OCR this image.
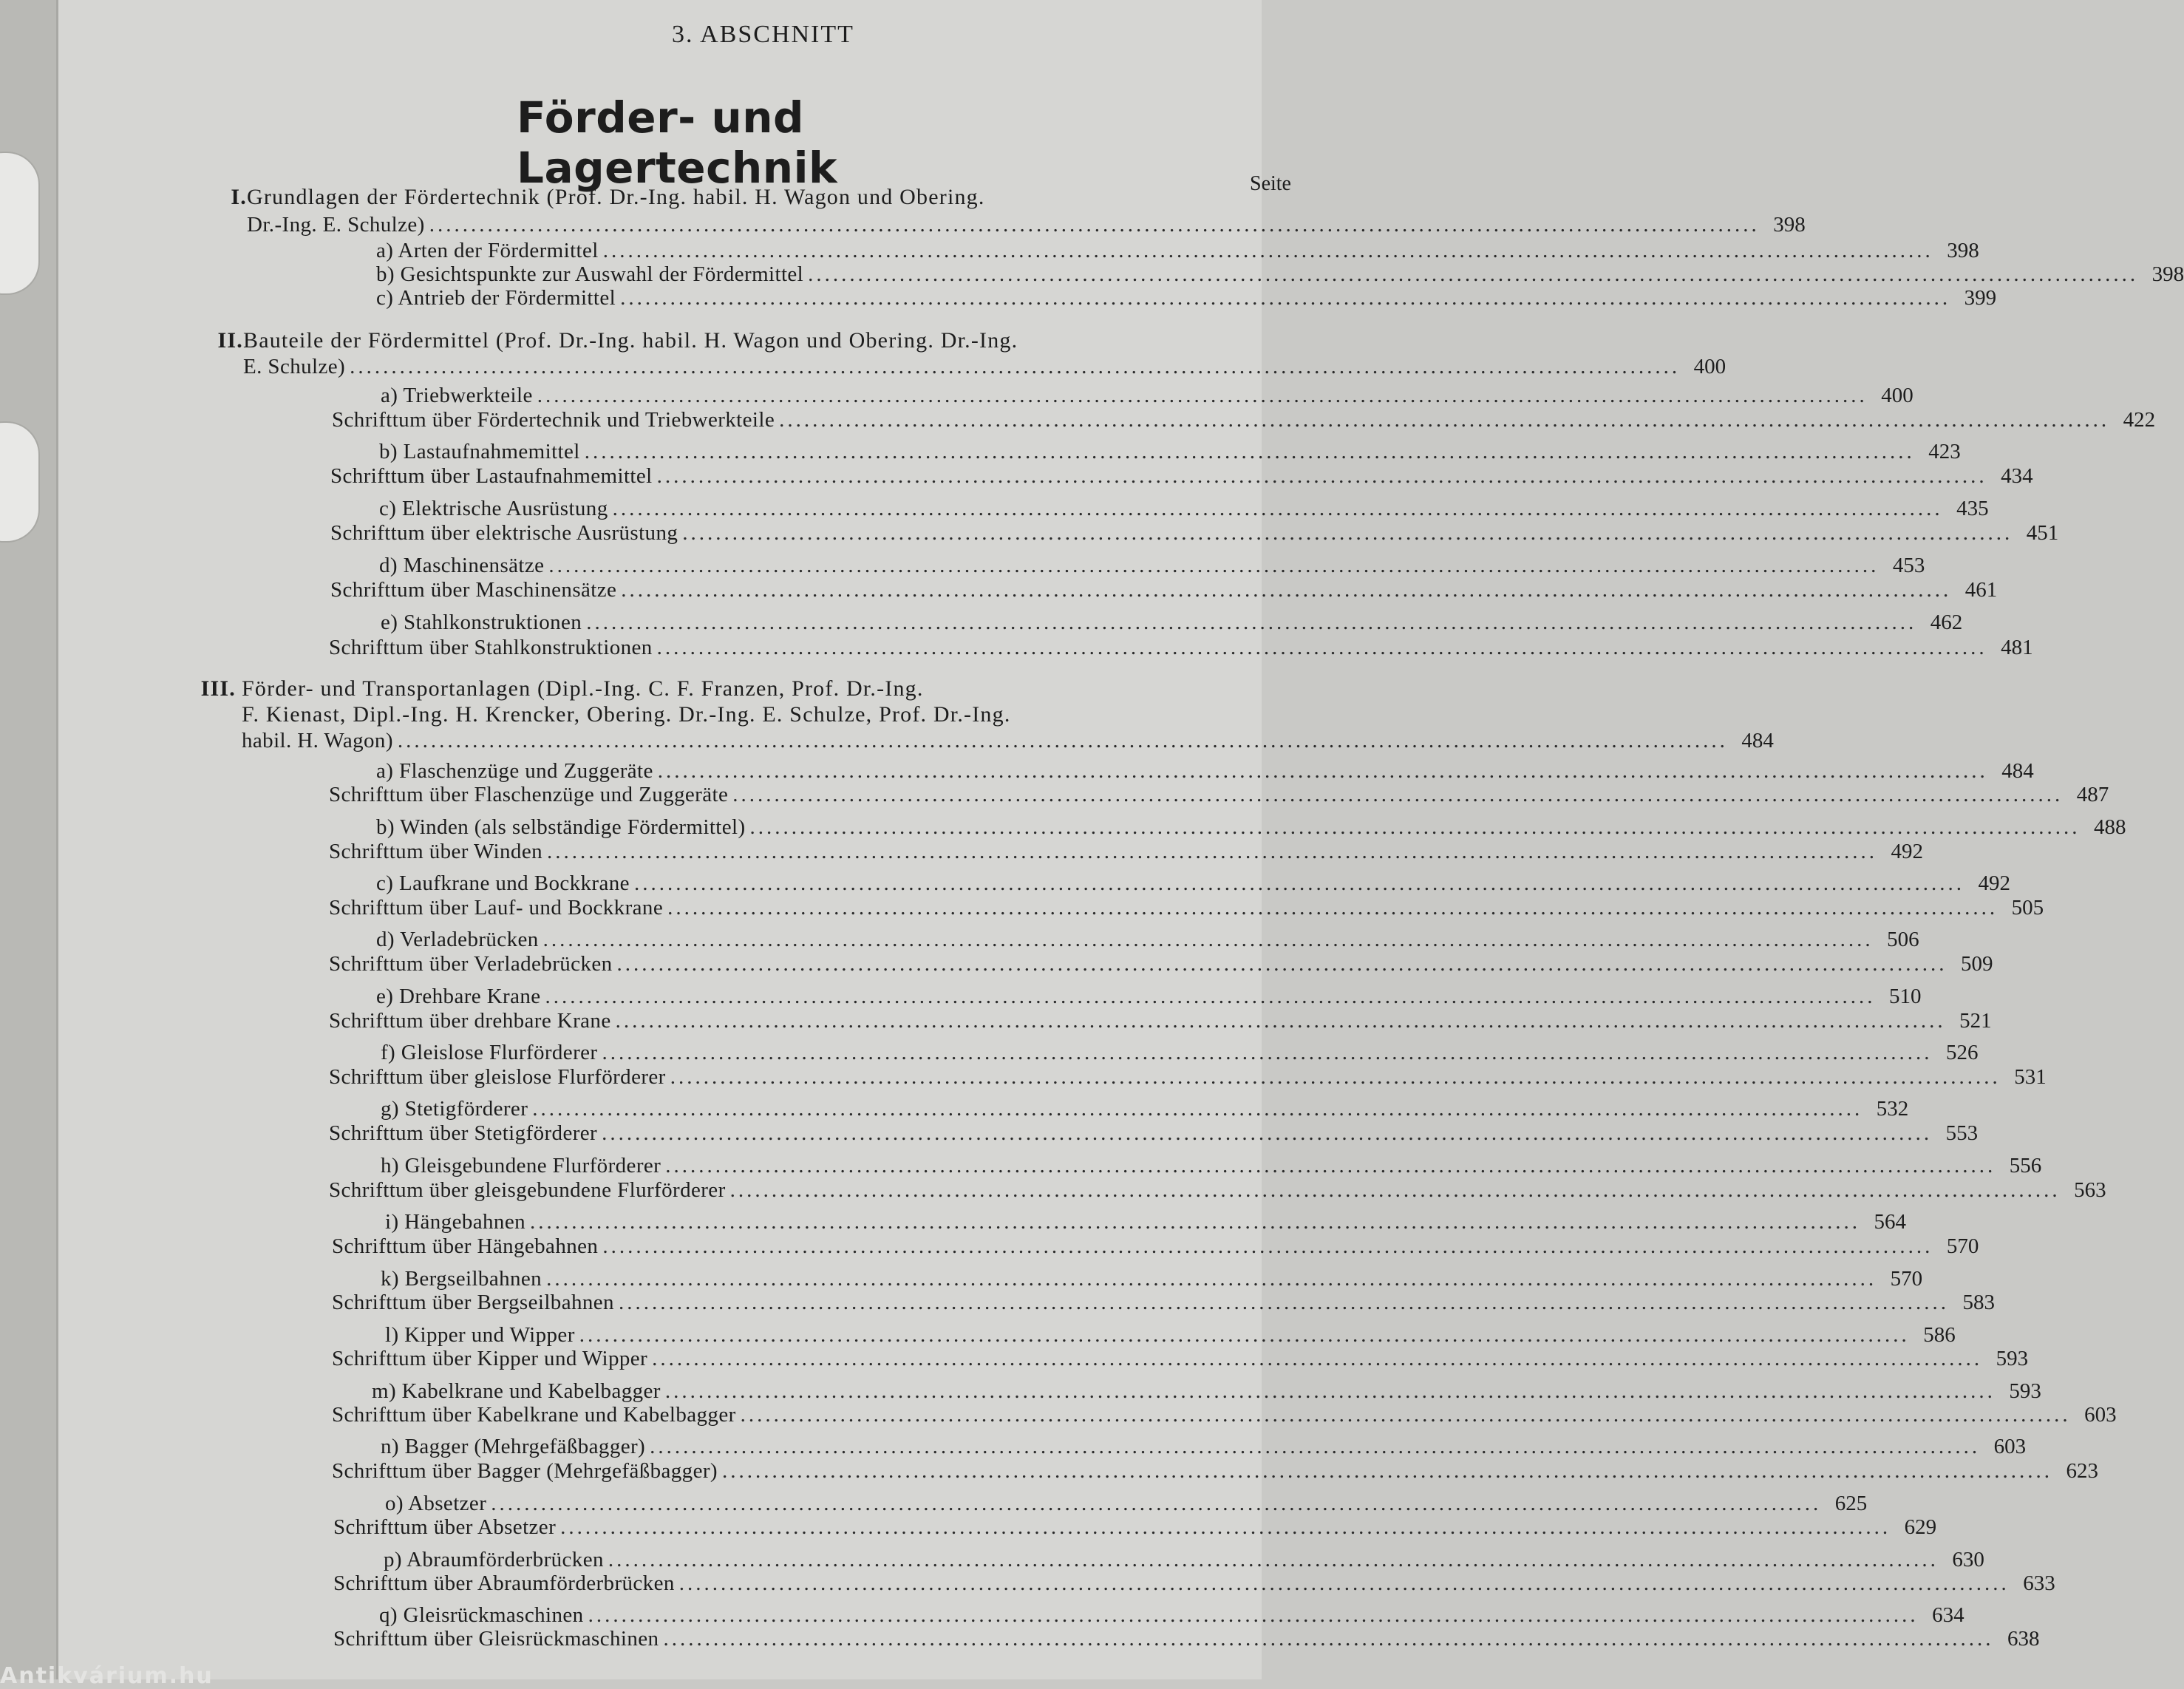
3. ABSCHNITT
Förder- und Lagertechnik	Seite
I. Grundlagen der Fördertechnik (Prof. Dr.-Ing. habil. H. Wagon und Obering.
Dr.-Ing. E. Schulze) ................................................................................................................................................................ 398
a) Arten der Fördermittel ................................................................................................................................................................ 398
b) Gesichtspunkte zur Auswahl der Fördermittel ................................................................................................................................................................ 398
c) Antrieb der Fördermittel ................................................................................................................................................................ 399
II. Bauteile der Fördermittel (Prof. Dr.-Ing. habil. H. Wagon und Obering. Dr.-Ing.
E. Schulze) ................................................................................................................................................................ 400
a) Triebwerkteile ................................................................................................................................................................ 400
Schrifttum über Fördertechnik und Triebwerkteile ................................................................................................................................................................ 422
b) Lastaufnahmemittel ................................................................................................................................................................ 423
Schrifttum über Lastaufnahmemittel ................................................................................................................................................................ 434
c) Elektrische Ausrüstung ................................................................................................................................................................ 435
Schrifttum über elektrische Ausrüstung ................................................................................................................................................................ 451
d) Maschinensätze ................................................................................................................................................................ 453
Schrifttum über Maschinensätze ................................................................................................................................................................ 461
e) Stahlkonstruktionen ................................................................................................................................................................ 462
Schrifttum über Stahlkonstruktionen ................................................................................................................................................................ 481
III. Förder- und Transportanlagen (Dipl.-Ing. C. F. Franzen, Prof. Dr.-Ing.
F. Kienast, Dipl.-Ing. H. Krencker, Obering. Dr.-Ing. E. Schulze, Prof. Dr.-Ing.
habil. H. Wagon) ................................................................................................................................................................ 484
a) Flaschenzüge und Zuggeräte ................................................................................................................................................................ 484
Schrifttum über Flaschenzüge und Zuggeräte ................................................................................................................................................................ 487
b) Winden (als selbständige Fördermittel) ................................................................................................................................................................ 488
Schrifttum über Winden ................................................................................................................................................................ 492
c) Laufkrane und Bockkrane ................................................................................................................................................................ 492
Schrifttum über Lauf- und Bockkrane ................................................................................................................................................................ 505
d) Verladebrücken ................................................................................................................................................................ 506
Schrifttum über Verladebrücken ................................................................................................................................................................ 509
e) Drehbare Krane ................................................................................................................................................................ 510
Schrifttum über drehbare Krane ................................................................................................................................................................ 521
f) Gleislose Flurförderer ................................................................................................................................................................ 526
Schrifttum über gleislose Flurförderer ................................................................................................................................................................ 531
g) Stetigförderer ................................................................................................................................................................ 532
Schrifttum über Stetigförderer ................................................................................................................................................................ 553
h) Gleisgebundene Flurförderer ................................................................................................................................................................ 556
Schrifttum über gleisgebundene Flurförderer ................................................................................................................................................................ 563
i) Hängebahnen ................................................................................................................................................................ 564
Schrifttum über Hängebahnen ................................................................................................................................................................ 570
k) Bergseilbahnen ................................................................................................................................................................ 570
Schrifttum über Bergseilbahnen ................................................................................................................................................................ 583
l) Kipper und Wipper ................................................................................................................................................................ 586
Schrifttum über Kipper und Wipper ................................................................................................................................................................ 593
m) Kabelkrane und Kabelbagger ................................................................................................................................................................ 593
Schrifttum über Kabelkrane und Kabelbagger ................................................................................................................................................................ 603
n) Bagger (Mehrgefäßbagger) ................................................................................................................................................................ 603
Schrifttum über Bagger (Mehrgefäßbagger) ................................................................................................................................................................ 623
o) Absetzer ................................................................................................................................................................ 625
Schrifttum über Absetzer ................................................................................................................................................................ 629
p) Abraumförderbrücken ................................................................................................................................................................ 630
Schrifttum über Abraumförderbrücken ................................................................................................................................................................ 633
q) Gleisrückmaschinen ................................................................................................................................................................ 634
Schrifttum über Gleisrückmaschinen ................................................................................................................................................................ 638
Antikvárium.hu
